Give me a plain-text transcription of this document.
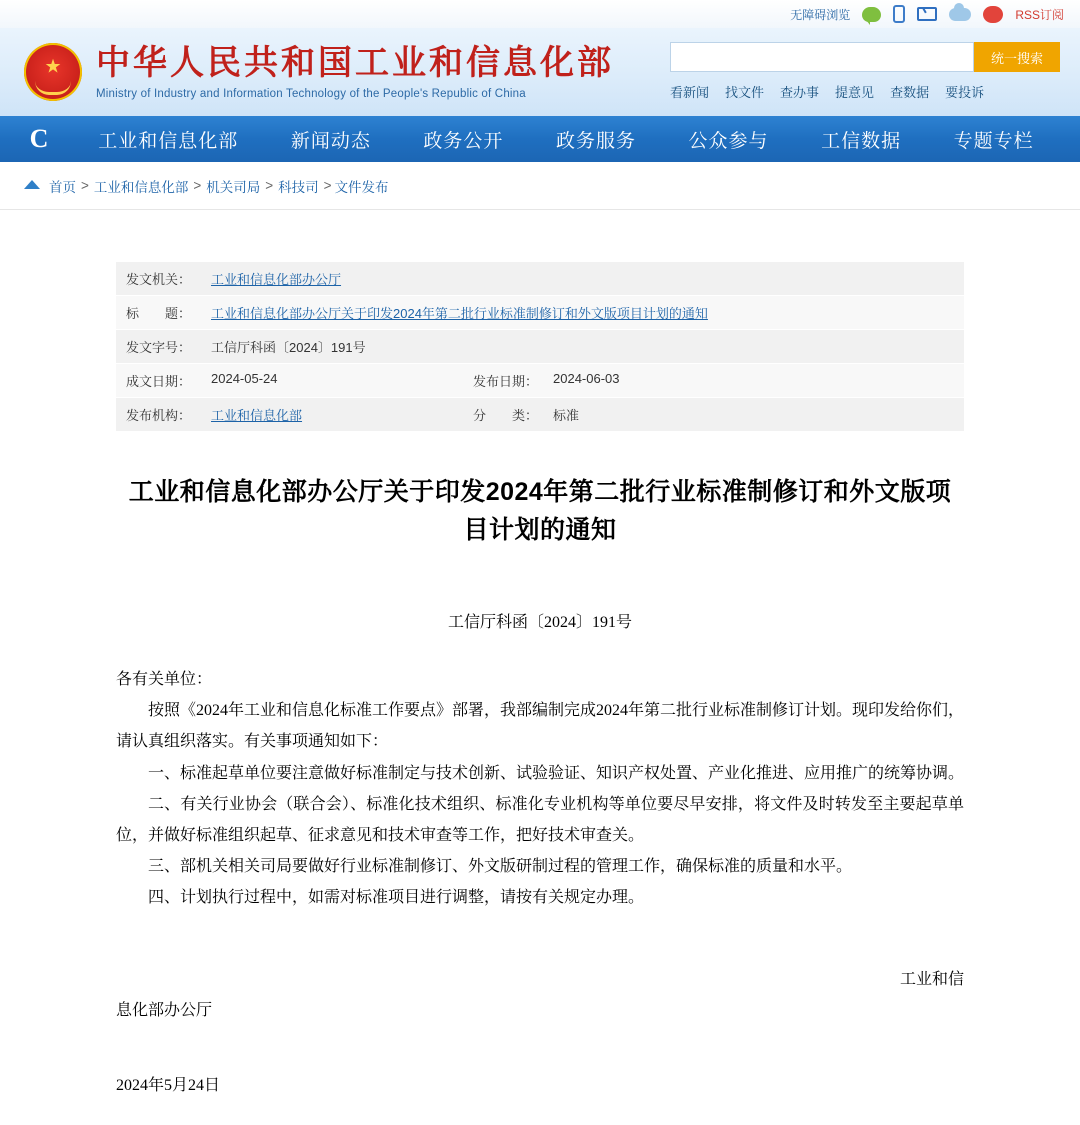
无障碍浏览	RSS订阅
★ 中华人民共和国工业和信息化部
Ministry of Industry and Information Technology of the People's Republic of China
统一搜索
看新闻 找文件 查办事 提意见 查数据 要投诉
C
工业和信息化部	新闻动态	政务公开	政务服务	公众参与	工信数据	专题专栏
首页 > 工业和信息化部 > 机关司局 > 科技司 > 文件发布
发文机关：	工业和信息化部办公厅
标　　题：	工业和信息化部办公厅关于印发2024年第二批行业标准制修订和外文版项目计划的通知
发文字号：	工信厅科函〔2024〕191号
成文日期：	2024-05-24 发布日期： 2024-06-03

发布机构：	工业和信息化部 分　　类： 标准
工业和信息化部办公厅关于印发2024年第二批行业标准制修订和外文版项目计划的通知
工信厅科函〔2024〕191号

各有关单位：

按照《2024年工业和信息化标准工作要点》部署，我部编制完成2024年第二批行业标准制修订计划。现印发给你们，请认真组织落实。有关事项通知如下：

一、标准起草单位要注意做好标准制定与技术创新、试验验证、知识产权处置、产业化推进、应用推广的统筹协调。

二、有关行业协会（联合会）、标准化技术组织、标准化专业机构等单位要尽早安排，将文件及时转发至主要起草单位，并做好标准组织起草、征求意见和技术审查等工作，把好技术审查关。

三、部机关相关司局要做好行业标准制修订、外文版研制过程的管理工作，确保标准的质量和水平。

四、计划执行过程中，如需对标准项目进行调整，请按有关规定办理。

工业和信
息化部办公厅
2024年5月24日
